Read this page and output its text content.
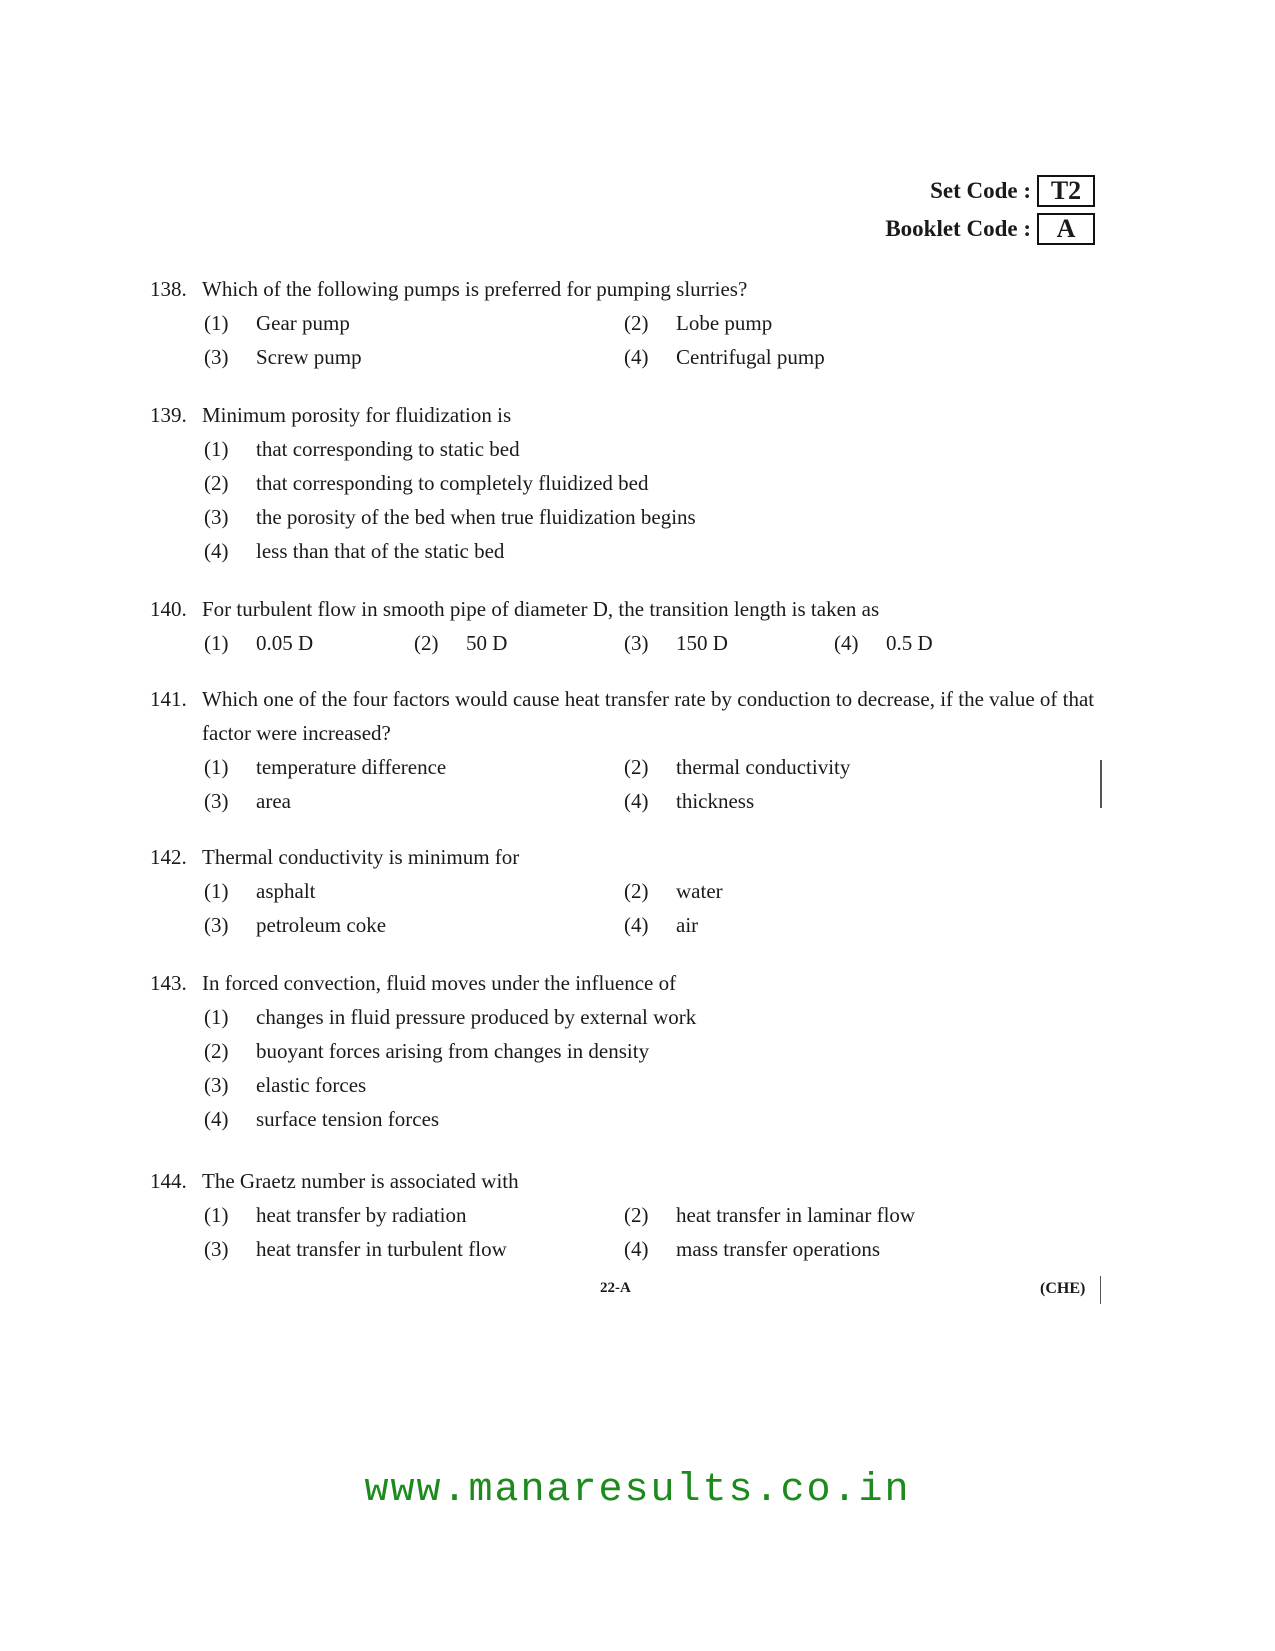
Set Code : T2
Booklet Code : A
138. Which of the following pumps is preferred for pumping slurries?
(1)	Gear pump	(2)	Lobe pump
(3)	Screw pump	(4)	Centrifugal pump
139. Minimum porosity for fluidization is
(1)	that corresponding to static bed
(2)	that corresponding to completely fluidized bed
(3)	the porosity of the bed when true fluidization begins
(4)	less than that of the static bed
140. For turbulent flow in smooth pipe of diameter D, the transition length is taken as
(1)	0.05 D	(2)	50 D	(3)	150 D	(4)	0.5 D
141. Which one of the four factors would cause heat transfer rate by conduction to decrease, if the value of that factor were increased?
(1)	temperature difference	(2)	thermal conductivity
(3)	area	(4)	thickness
142. Thermal conductivity is minimum for
(1)	asphalt	(2)	water
(3)	petroleum coke	(4)	air
143. In forced convection, fluid moves under the influence of
(1)	changes in fluid pressure produced by external work
(2)	buoyant forces arising from changes in density
(3)	elastic forces
(4)	surface tension forces
144. The Graetz number is associated with
(1)	heat transfer by radiation	(2)	heat transfer in laminar flow
(3)	heat transfer in turbulent flow	(4)	mass transfer operations
22-A	(CHE)
www.manaresults.co.in
